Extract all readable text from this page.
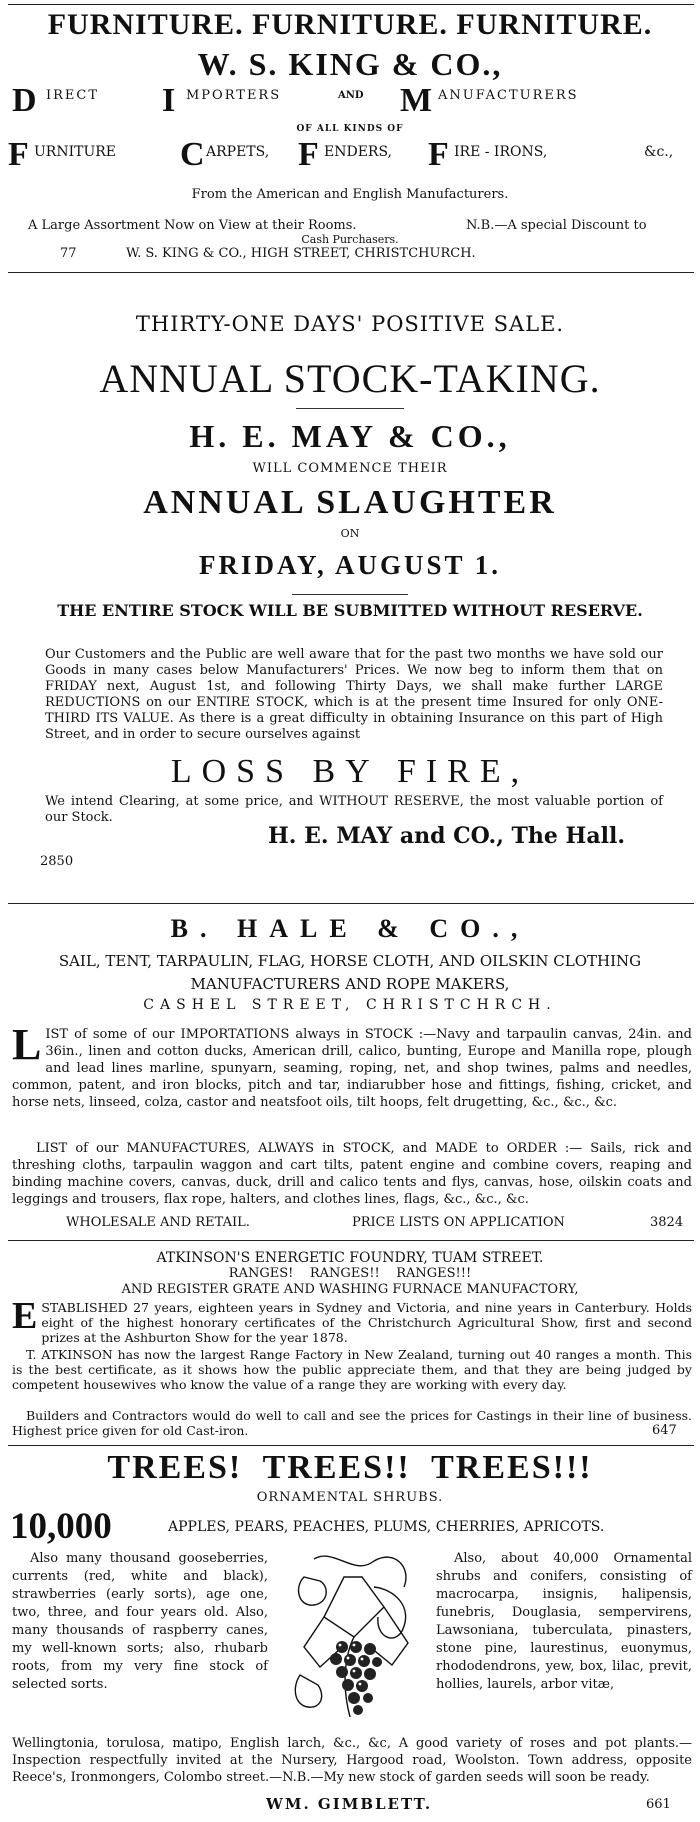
FURNITURE. FURNITURE. FURNITURE.
W. S. KING & CO.,
D IRECT I MPORTERS	AND M ANUFACTURERS
OF ALL KINDS OF
F URNITURE C ARPETS, F ENDERS, F IRE - IRONS,	&c.,
From the American and English Manufacturers.
A Large Assortment Now on View at their Rooms.	N.B.—A special Discount to
Cash Purchasers.
77	W. S. KING & CO., HIGH STREET, CHRISTCHURCH.
THIRTY-ONE DAYS' POSITIVE SALE.
ANNUAL STOCK-TAKING.
H. E. MAY & CO.,
WILL COMMENCE THEIR
ANNUAL SLAUGHTER
ON
FRIDAY, AUGUST 1.
THE ENTIRE STOCK WILL BE SUBMITTED WITHOUT RESERVE.
Our Customers and the Public are well aware that for the past two months we have sold our Goods in many cases below Manufacturers' Prices. We now beg to inform them that on FRIDAY next, August 1st, and following Thirty Days, we shall make further LARGE REDUCTIONS on our ENTIRE STOCK, which is at the present time Insured for only ONE-THIRD ITS VALUE. As there is a great difficulty in obtaining Insurance on this part of High Street, and in order to secure ourselves against
LOSS BY FIRE,
We intend Clearing, at some price, and WITHOUT RESERVE, the most valuable portion of our Stock.
H. E. MAY and CO., The Hall.
2850
B. HALE & CO.,
SAIL, TENT, TARPAULIN, FLAG, HORSE CLOTH, AND OILSKIN CLOTHING
MANUFACTURERS AND ROPE MAKERS,
CASHEL STREET, CHRISTCHRCH.
L IST of some of our IMPORTATIONS always in STOCK :—Navy and tarpaulin canvas, 24in. and 36in., linen and cotton ducks, American drill, calico, bunting, Europe and Manilla rope, plough and lead lines marline, spunyarn, seaming, roping, net, and shop twines, palms and needles, common, patent, and iron blocks, pitch and tar, indiarubber hose and fittings, fishing, cricket, and horse nets, linseed, colza, castor and neatsfoot oils, tilt hoops, felt drugetting, &c., &c., &c.
LIST of our MANUFACTURES, ALWAYS in STOCK, and MADE to ORDER :— Sails, rick and threshing cloths, tarpaulin waggon and cart tilts, patent engine and combine covers, reaping and binding machine covers, canvas, duck, drill and calico tents and flys, canvas, hose, oilskin coats and leggings and trousers, flax rope, halters, and clothes lines, flags, &c., &c., &c.
WHOLESALE AND RETAIL.	PRICE LISTS ON APPLICATION	3824
ATKINSON'S ENERGETIC FOUNDRY, TUAM STREET.
RANGES!    RANGES!!    RANGES!!!
AND REGISTER GRATE AND WASHING FURNACE MANUFACTORY,
E STABLISHED 27 years, eighteen years in Sydney and Victoria, and nine years in Canterbury. Holds eight of the highest honorary certificates of the Christchurch Agricultural Show, first and second prizes at the Ashburton Show for the year 1878.
T. ATKINSON has now the largest Range Factory in New Zealand, turning out 40 ranges a month. This is the best certificate, as it shows how the public appreciate them, and that they are being judged by competent housewives who know the value of a range they are working with every day.
Builders and Contractors would do well to call and see the prices for Castings in their line of business. Highest price given for old Cast-iron.	647
TREES!  TREES!!  TREES!!!
ORNAMENTAL SHRUBS.
10,000	APPLES, PEARS, PEACHES, PLUMS, CHERRIES, APRICOTS.
Also many thousand gooseberries, currents (red, white and black), strawberries (early sorts), age one, two, three, and four years old. Also, many thousands of raspberry canes, my well-known sorts; also, rhubarb roots, from my very fine stock of selected sorts.
Also, about 40,000 Ornamental shrubs and conifers, consisting of macrocarpa, insignis, halipensis, funebris, Douglasia, sempervirens, Lawsoniana, tuberculata, pinasters, stone pine, laurestinus, euonymus, rhododendrons, yew, box, lilac, previt, hollies, laurels, arbor vitæ,
Wellingtonia, torulosa, matipo, English larch, &c., &c, A good variety of roses and pot plants.—Inspection respectfully invited at the Nursery, Hargood road, Woolston. Town address, opposite Reece's, Ironmongers, Colombo street.—N.B.—My new stock of garden seeds will soon be ready.
WM. GIMBLETT.	661
